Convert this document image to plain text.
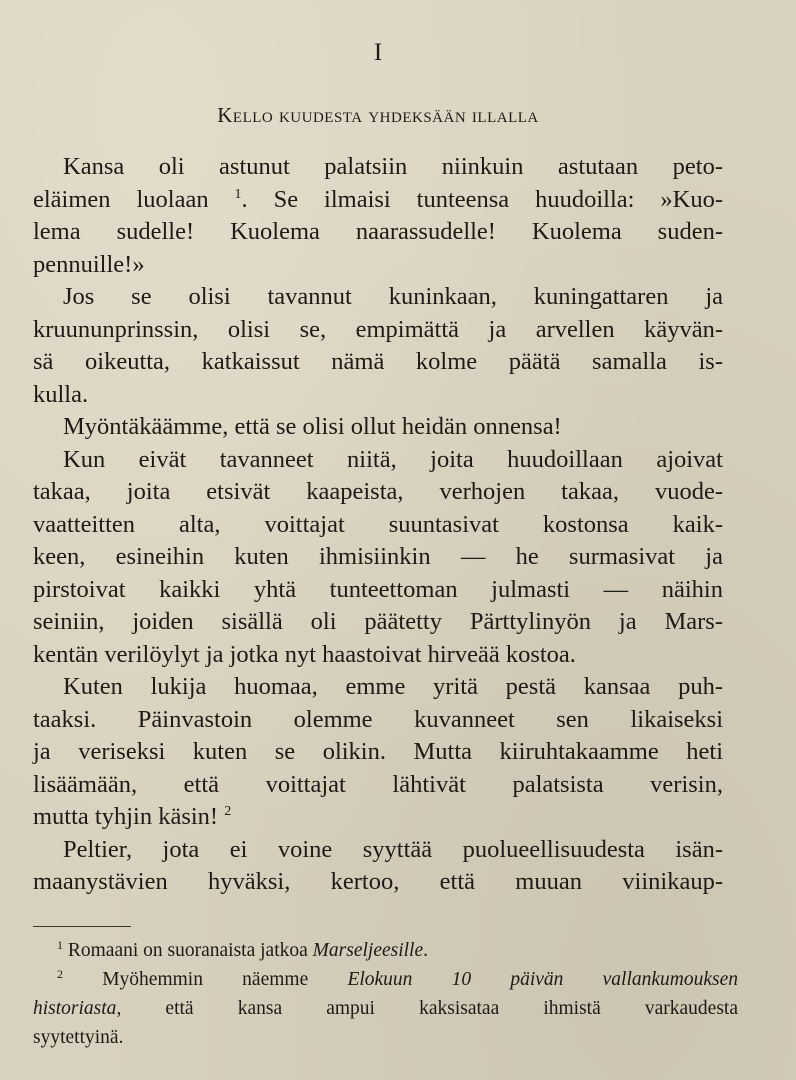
I
Kello kuudesta yhdeksään illalla
Kansa oli astunut palatsiin niinkuin astutaan peto-
eläimen luolaan $^1$. Se ilmaisi tunteensa huudoilla: »Kuo-
lema sudelle! Kuolema naarassudelle! Kuolema suden-
pennuille!»
Jos se olisi tavannut kuninkaan, kuningattaren ja
kruununprinssin, olisi se, empimättä ja arvellen käyvän-
sä oikeutta, katkaissut nämä kolme päätä samalla is-
kulla.
Myöntäkäämme, että se olisi ollut heidän onnensa!
Kun eivät tavanneet niitä, joita huudoillaan ajoivat
takaa, joita etsivät kaapeista, verhojen takaa, vuode-
vaatteitten alta, voittajat suuntasivat kostonsa kaik-
keen, esineihin kuten ihmisiinkin — he surmasivat ja
pirstoivat kaikki yhtä tunteettoman julmasti — näihin
seiniin, joiden sisällä oli päätetty Pärttylinyön ja Mars-
kentän verilöylyt ja jotka nyt haastoivat hirveää kostoa.
Kuten lukija huomaa, emme yritä pestä kansaa puh-
taaksi. Päinvastoin olemme kuvanneet sen likaiseksi
ja veriseksi kuten se olikin. Mutta kiiruhtakaamme heti
lisäämään, että voittajat lähtivät palatsista verisin,
mutta tyhjin käsin! $^2$
Peltier, jota ei voine syyttää puolueellisuudesta isän-
maanystävien hyväksi, kertoo, että muuan viinikaup-
$^1$ Romaani on suoranaista jatkoa Marseljeesille.
$^2$ Myöhemmin näemme Elokuun 10 päivän vallankumouksen
historiasta, että kansa ampui kaksisataa ihmistä varkaudesta
syytettyinä.
